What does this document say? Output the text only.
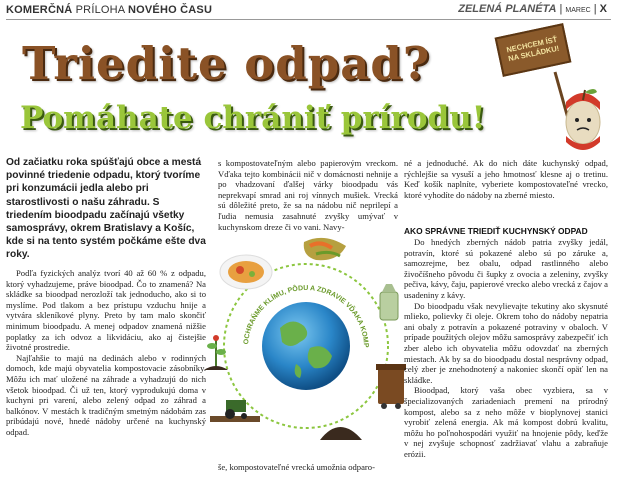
KOMERČNÁ PRÍLOHA NOVÉHO ČASU	ZELENÁ PLANÉTA | MAREC | X
Triedite odpad?
Pomáhate chrániť prírodu!
NECHCEM ÍSŤ NA SKLÁDKU!
Od začiatku roka spúšťajú obce a mestá povinné triedenie odpadu, ktorý tvoríme pri konzumácii jedla alebo pri starostlivosti o našu záhradu. S triedením bioodpadu začínajú všetky samosprávy, okrem Bratislavy a Košíc, kde si na tento systém počkáme ešte dva roky.

Podľa fyzických analýz tvorí 40 až 60 % z odpadu, ktorý vyhadzujeme, práve bioodpad. Čo to znamená? Na skládke sa bioodpad nerozloží tak jednoducho, ako si to myslíme. Pod tlakom a bez prístupu vzduchu hnije a vytvára skleníkové plyny. Preto by tam malo skončiť minimum bioodpadu. A menej odpadov znamená nižšie poplatky za ich odvoz a likvidáciu, ako aj čistejšie životné prostredie.

Najľahšie to majú na dedinách alebo v rodinných domoch, kde majú obyvatelia kompostovacie zásobníky. Môžu ich mať uložené na záhrade a vyhadzujú do nich všetok bioodpad. Či už ten, ktorý vyprodukujú doma v kuchyni pri varení, alebo zelený odpad zo záhrad a balkónov. V mestách k tradičným smetným nádobám zas pribúdajú nové, hnedé nádoby určené na kuchynský odpad.

s kompostovateľným alebo papierovým vreckom. Vďaka tejto kombinácii nič v domácnosti nehnije a po vhadzovaní ďalšej várky bioodpadu vás neprekvapí smrad ani roj vínnych mušiek. Vrecká sú dôležité preto, že sa na nádobu nič neprilepí a ľudia nemusia zasahnuté zvyšky umývať v kuchynskom dreze či vo vani. Navy-
OCHRAŇME KLÍMU, PÔDU A ZDRAVIE VĎAKA KOMP
še, kompostovateľné vrecká umožnia odparo-
né a jednoduché. Ak do nich dáte kuchynský odpad, rýchlejšie sa vysuší a jeho hmotnosť klesne aj o tretinu. Keď košík naplníte, vyberiete kompostovateľné vrecko, ktoré vyhodíte do nádoby na zberné miesto.
AKO SPRÁVNE TRIEDIŤ KUCHYNSKÝ ODPAD

Do hnedých zberných nádob patria zvyšky jedál, potravín, ktoré sú pokazené alebo sú po záruke a, samozrejme, bez obalu, odpad rastlinného alebo živočíšneho pôvodu či šupky z ovocia a zeleniny, zvyšky pečiva, kávy, čaju, papierové vrecko alebo vrecká z čajov a usadeniny z kávy.

Do bioodpadu však nevylievajte tekutiny ako skysnuté mlieko, polievky či oleje. Okrem toho do nádoby nepatria ani obaly z potravín a pokazené potraviny v obaloch. V prípade použitých olejov môžu samosprávy zabezpečiť ich zber alebo ich obyvatelia môžu odovzdať na zberných miestach. Ak by sa do bioodpadu dostal nesprávny odpad, celý zber je znehodnotený a nakoniec skončí opäť len na skládke.

Bioodpad, ktorý vaša obec vyzbiera, sa v špecializovaných zariadeniach premení na prírodný kompost, alebo sa z neho môže v bioplynovej stanici vyrobiť zelená energia. Ak má kompost dobrú kvalitu, môžu ho poľnohospodári využiť na hnojenie pôdy, keďže v nej zvyšuje schopnosť zadržiavať vlahu a zabraňuje erózii.
